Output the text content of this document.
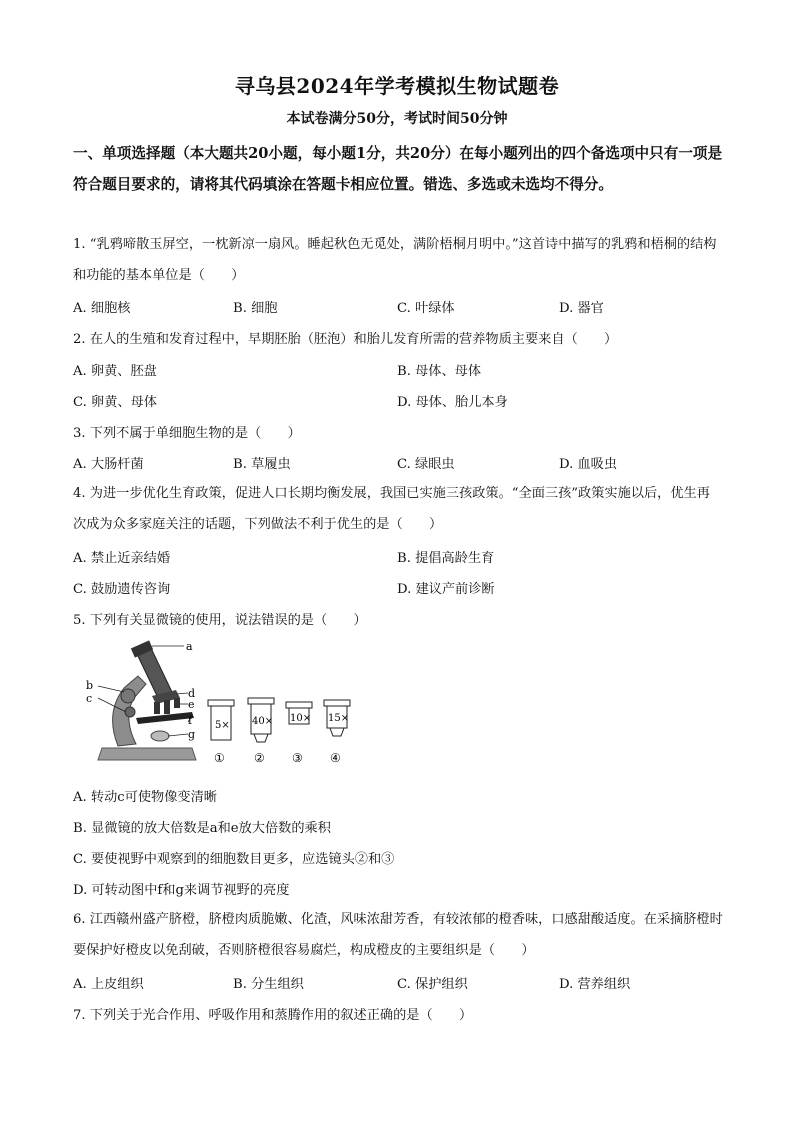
寻乌县2024年学考模拟生物试题卷
本试卷满分50分，考试时间50分钟
一、单项选择题（本大题共20小题，每小题1分，共20分）在每小题列出的四个备选项中只有一项是符合题目要求的，请将其代码填涂在答题卡相应位置。错选、多选或未选均不得分。
1. “乳鸦啼散玉屏空，一枕新凉一扇风。睡起秋色无觅处，满阶梧桐月明中。”这首诗中描写的乳鸦和梧桐的结构和功能的基本单位是（　　）
A. 细胞核	B. 细胞	C. 叶绿体	D. 器官
2. 在人的生殖和发育过程中，早期胚胎（胚泡）和胎儿发育所需的营养物质主要来自（　　）
A. 卵黄、胚盘	B. 母体、母体
C. 卵黄、母体	D. 母体、胎儿本身
3. 下列不属于单细胞生物的是（　　）
A. 大肠杆菌	B. 草履虫	C. 绿眼虫	D. 血吸虫
4. 为进一步优化生育政策，促进人口长期均衡发展，我国已实施三孩政策。“全面三孩”政策实施以后，优生再次成为众多家庭关注的话题，下列做法不利于优生的是（　　）
A. 禁止近亲结婚	B. 提倡高龄生育
C. 鼓励遗传咨询	D. 建议产前诊断
5. 下列有关显微镜的使用，说法错误的是（　　）
a
b
c	d
e
f
g
5×
①
40×
②
10×
③
15×
④
A. 转动c可使物像变清晰
B. 显微镜的放大倍数是a和e放大倍数的乘积
C. 要使视野中观察到的细胞数目更多，应选镜头②和③
D. 可转动图中f和g来调节视野的亮度
6. 江西赣州盛产脐橙，脐橙肉质脆嫩、化渣，风味浓甜芳香，有较浓郁的橙香味，口感甜酸适度。在采摘脐橙时要保护好橙皮以免刮破，否则脐橙很容易腐烂，构成橙皮的主要组织是（　　）
A. 上皮组织	B. 分生组织	C. 保护组织	D. 营养组织
7. 下列关于光合作用、呼吸作用和蒸腾作用的叙述正确的是（　　）
